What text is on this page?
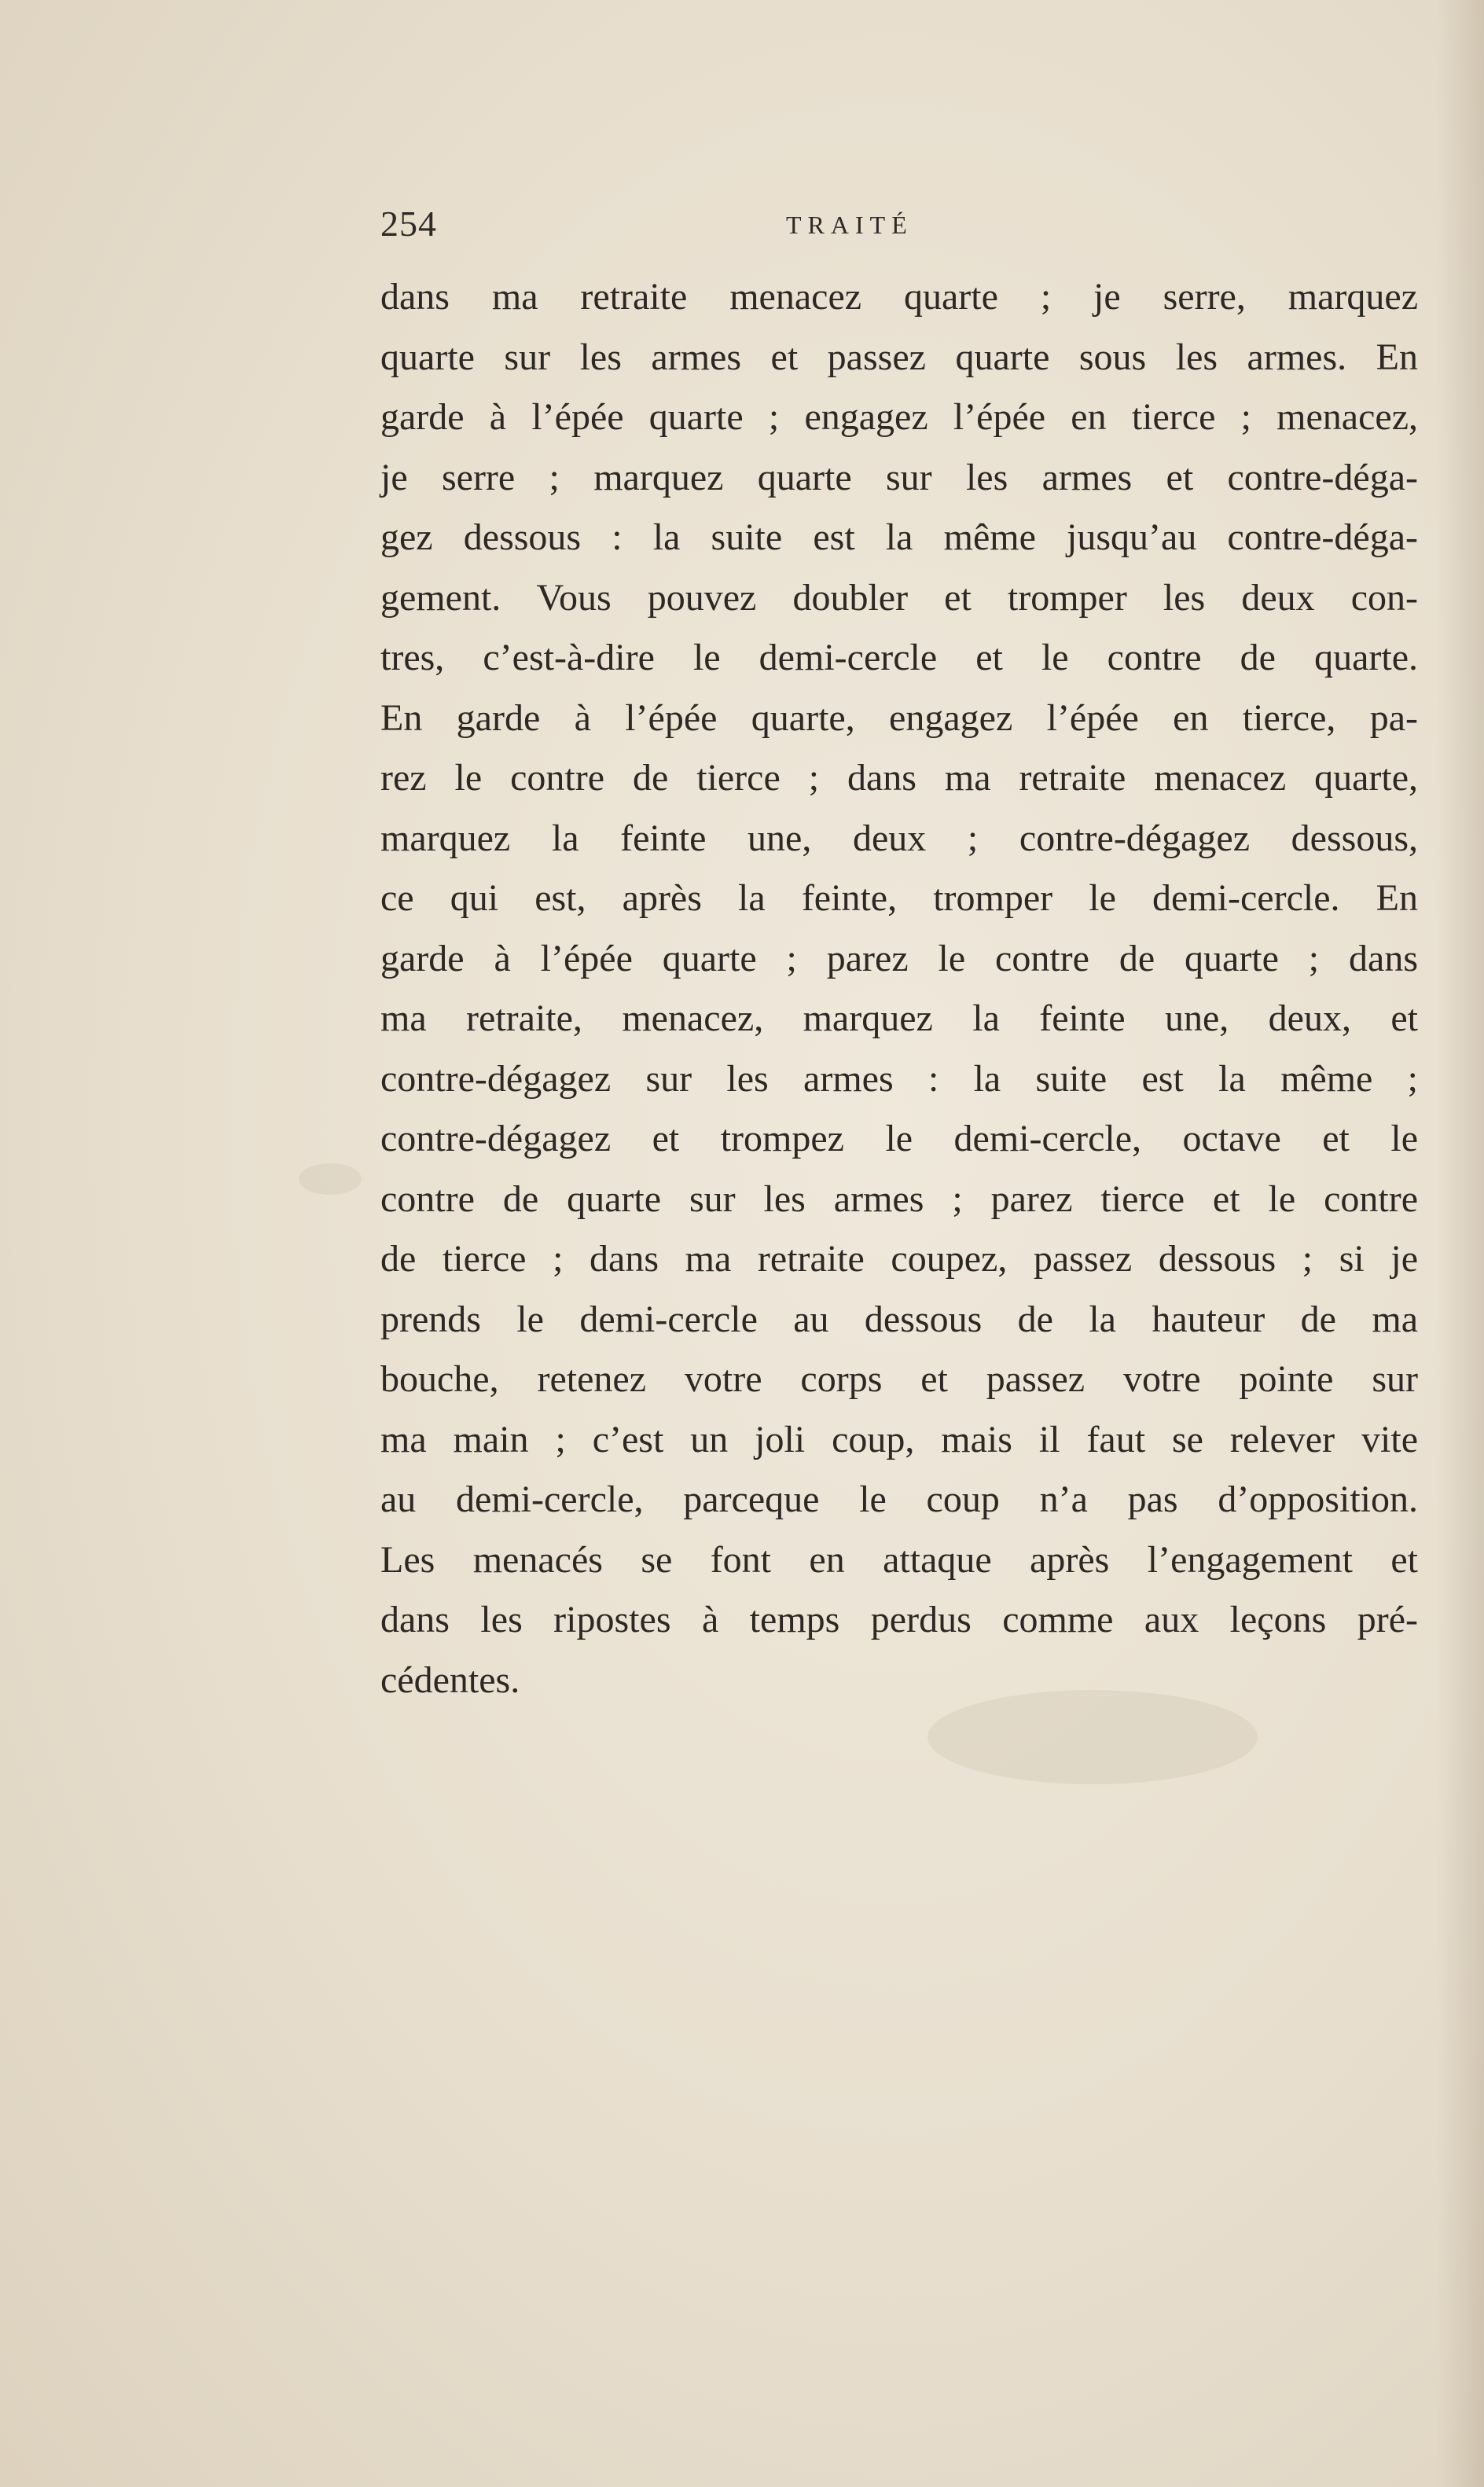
254	TRAITÉ
dans ma retraite menacez quarte ; je serre, marquez
quarte sur les armes et passez quarte sous les armes. En
garde à l’épée quarte ; engagez l’épée en tierce ; menacez,
je serre ; marquez quarte sur les armes et contre-déga-
gez dessous : la suite est la même jusqu’au contre-déga-
gement. Vous pouvez doubler et tromper les deux con-
tres, c’est-à-dire le demi-cercle et le contre de quarte.
En garde à l’épée quarte, engagez l’épée en tierce, pa-
rez le contre de tierce ; dans ma retraite menacez quarte,
marquez la feinte une, deux ; contre-dégagez dessous,
ce qui est, après la feinte, tromper le demi-cercle. En
garde à l’épée quarte ; parez le contre de quarte ; dans
ma retraite, menacez, marquez la feinte une, deux, et
contre-dégagez sur les armes : la suite est la même ;
contre-dégagez et trompez le demi-cercle, octave et le
contre de quarte sur les armes ; parez tierce et le contre
de tierce ; dans ma retraite coupez, passez dessous ; si je
prends le demi-cercle au dessous de la hauteur de ma
bouche, retenez votre corps et passez votre pointe sur
ma main ; c’est un joli coup, mais il faut se relever vite
au demi-cercle, parceque le coup n’a pas d’opposition.
Les menacés se font en attaque après l’engagement et
dans les ripostes à temps perdus comme aux leçons pré-
cédentes.
